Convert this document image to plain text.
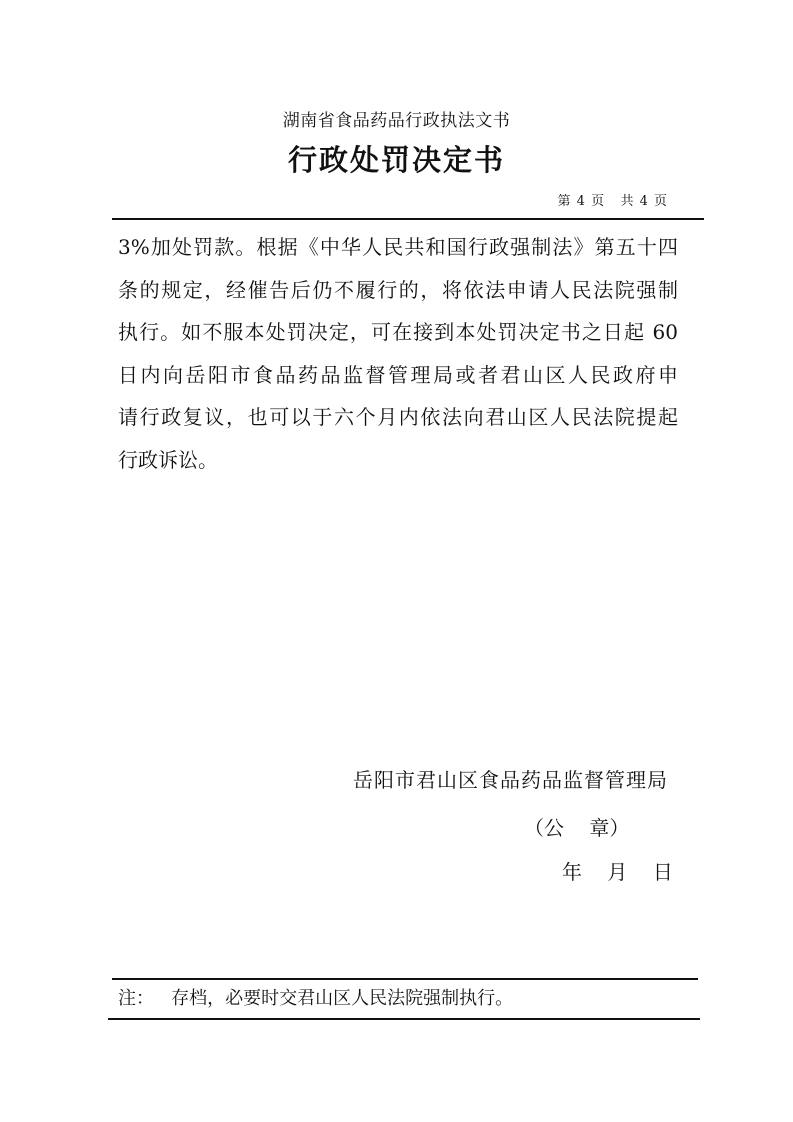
湖南省食品药品行政执法文书
行政处罚决定书
第 4 页   共 4 页
3%加处罚款。根据《中华人民共和国行政强制法》第五十四
条的规定，经催告后仍不履行的，将依法申请人民法院强制
执行。如不服本处罚决定，可在接到本处罚决定书之日起 60
日内向岳阳市食品药品监督管理局或者君山区人民政府申
请行政复议，也可以于六个月内依法向君山区人民法院提起
行政诉讼。
岳阳市君山区食品药品监督管理局
（公    章）
年    月    日
注：   存档，必要时交君山区人民法院强制执行。
